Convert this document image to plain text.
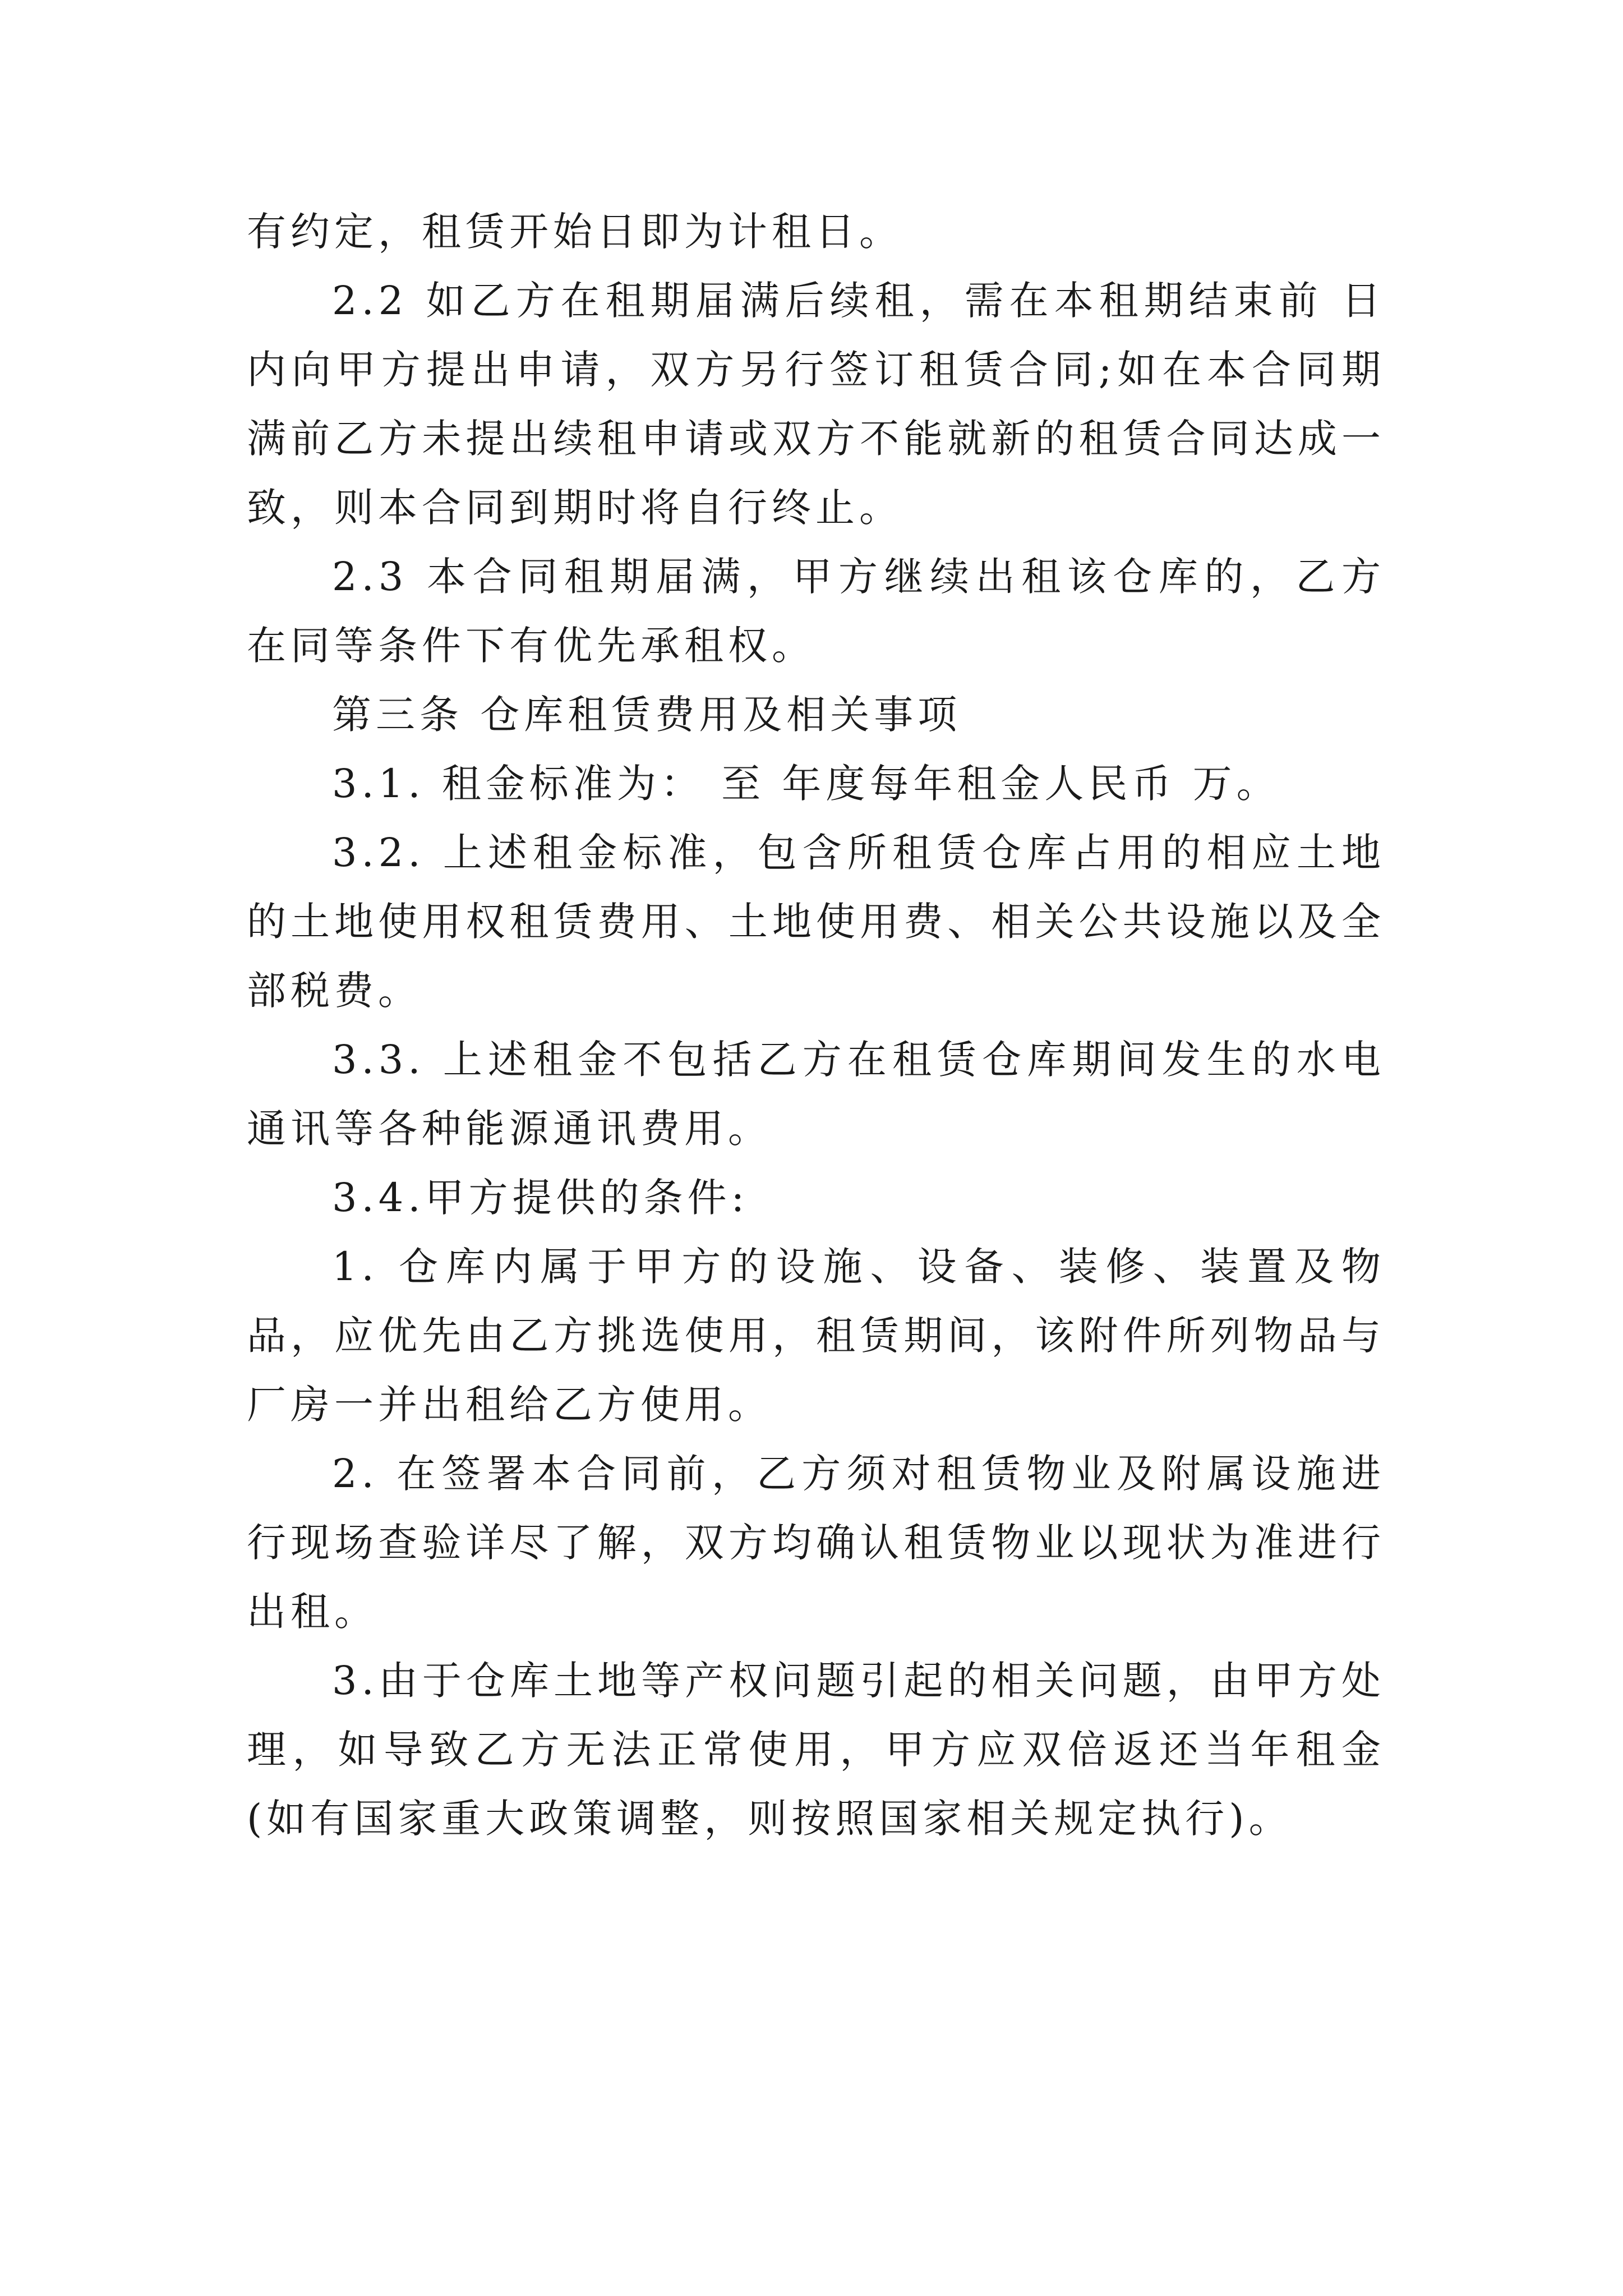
有约定，租赁开始日即为计租日。

2.2 如乙方在租期届满后续租，需在本租期结束前 日内向甲方提出申请，双方另行签订租赁合同;如在本合同期满前乙方未提出续租申请或双方不能就新的租赁合同达成一致，则本合同到期时将自行终止。

2.3 本合同租期届满，甲方继续出租该仓库的，乙方在同等条件下有优先承租权。

第三条 仓库租赁费用及相关事项

3.1. 租金标准为： 至 年度每年租金人民币 万。

3.2. 上述租金标准，包含所租赁仓库占用的相应土地的土地使用权租赁费用、土地使用费、相关公共设施以及全部税费。

3.3. 上述租金不包括乙方在租赁仓库期间发生的水电通讯等各种能源通讯费用。

3.4.甲方提供的条件:

1. 仓库内属于甲方的设施、设备、装修、装置及物品，应优先由乙方挑选使用，租赁期间，该附件所列物品与厂房一并出租给乙方使用。

2. 在签署本合同前，乙方须对租赁物业及附属设施进行现场查验详尽了解，双方均确认租赁物业以现状为准进行出租。

3.由于仓库土地等产权问题引起的相关问题，由甲方处理，如导致乙方无法正常使用，甲方应双倍返还当年租金(如有国家重大政策调整，则按照国家相关规定执行)。
